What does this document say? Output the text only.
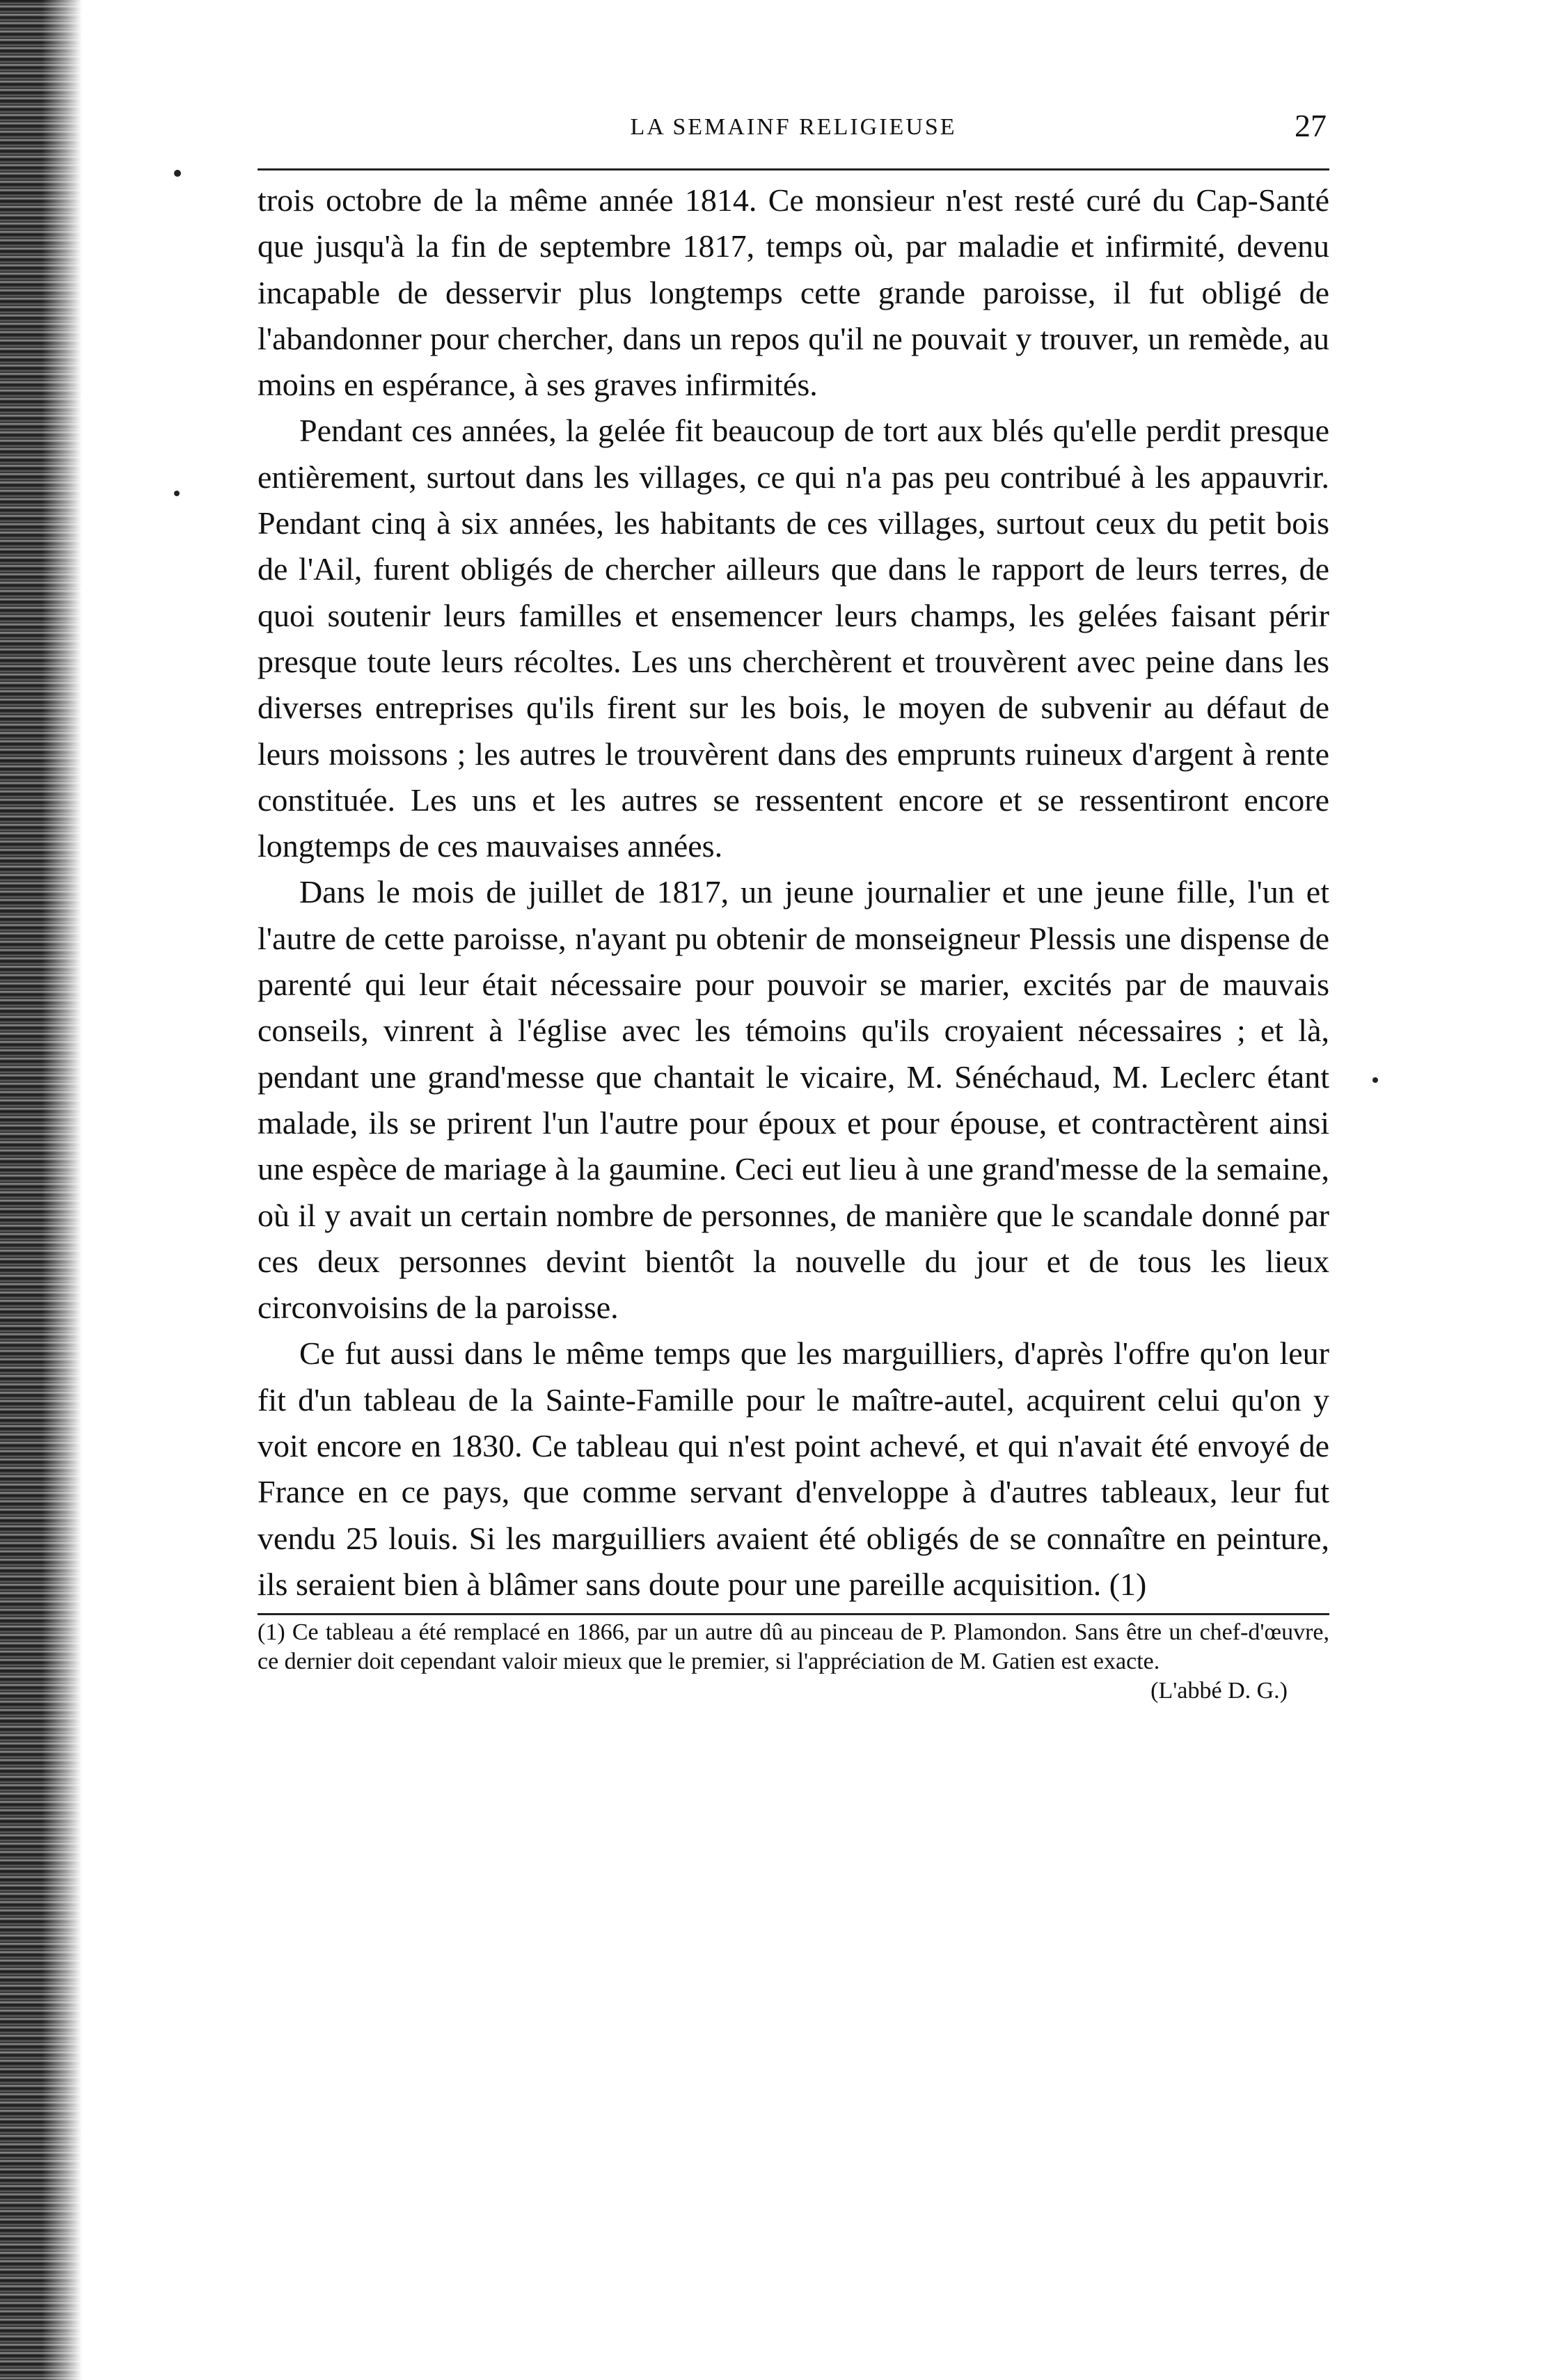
LA SEMAINF RELIGIEUSE	27

trois octobre de la même année 1814. Ce monsieur n'est resté curé du Cap-Santé que jusqu'à la fin de septembre 1817, temps où, par maladie et infirmité, devenu incapable de desservir plus longtemps cette grande paroisse, il fut obligé de l'abandonner pour chercher, dans un repos qu'il ne pouvait y trouver, un remède, au moins en espérance, à ses graves infirmités.

Pendant ces années, la gelée fit beaucoup de tort aux blés qu'elle perdit presque entièrement, surtout dans les villages, ce qui n'a pas peu contribué à les appauvrir. Pendant cinq à six années, les habitants de ces villages, surtout ceux du petit bois de l'Ail, furent obligés de chercher ailleurs que dans le rapport de leurs terres, de quoi soutenir leurs familles et ensemencer leurs champs, les gelées faisant périr presque toute leurs récoltes. Les uns cherchèrent et trouvèrent avec peine dans les diverses entreprises qu'ils firent sur les bois, le moyen de subvenir au défaut de leurs moissons ; les autres le trouvèrent dans des emprunts ruineux d'argent à rente constituée. Les uns et les autres se ressentent encore et se ressentiront encore longtemps de ces mauvaises années.

Dans le mois de juillet de 1817, un jeune journalier et une jeune fille, l'un et l'autre de cette paroisse, n'ayant pu obtenir de monseigneur Plessis une dispense de parenté qui leur était nécessaire pour pouvoir se marier, excités par de mauvais conseils, vinrent à l'église avec les témoins qu'ils croyaient nécessaires ; et là, pendant une grand'messe que chantait le vicaire, M. Sénéchaud, M. Leclerc étant malade, ils se prirent l'un l'autre pour époux et pour épouse, et contractèrent ainsi une espèce de mariage à la gaumine. Ceci eut lieu à une grand'messe de la semaine, où il y avait un certain nombre de personnes, de manière que le scandale donné par ces deux personnes devint bientôt la nouvelle du jour et de tous les lieux circonvoisins de la paroisse.

Ce fut aussi dans le même temps que les marguilliers, d'après l'offre qu'on leur fit d'un tableau de la Sainte-Famille pour le maître-autel, acquirent celui qu'on y voit encore en 1830. Ce tableau qui n'est point achevé, et qui n'avait été envoyé de France en ce pays, que comme servant d'enveloppe à d'autres tableaux, leur fut vendu 25 louis. Si les marguilliers avaient été obligés de se connaître en peinture, ils seraient bien à blâmer sans doute pour une pareille acquisition. (1)

(1) Ce tableau a été remplacé en 1866, par un autre dû au pinceau de P. Plamondon. Sans être un chef-d'œuvre, ce dernier doit cependant valoir mieux que le premier, si l'appréciation de M. Gatien est exacte.
(L'abbé D. G.)
